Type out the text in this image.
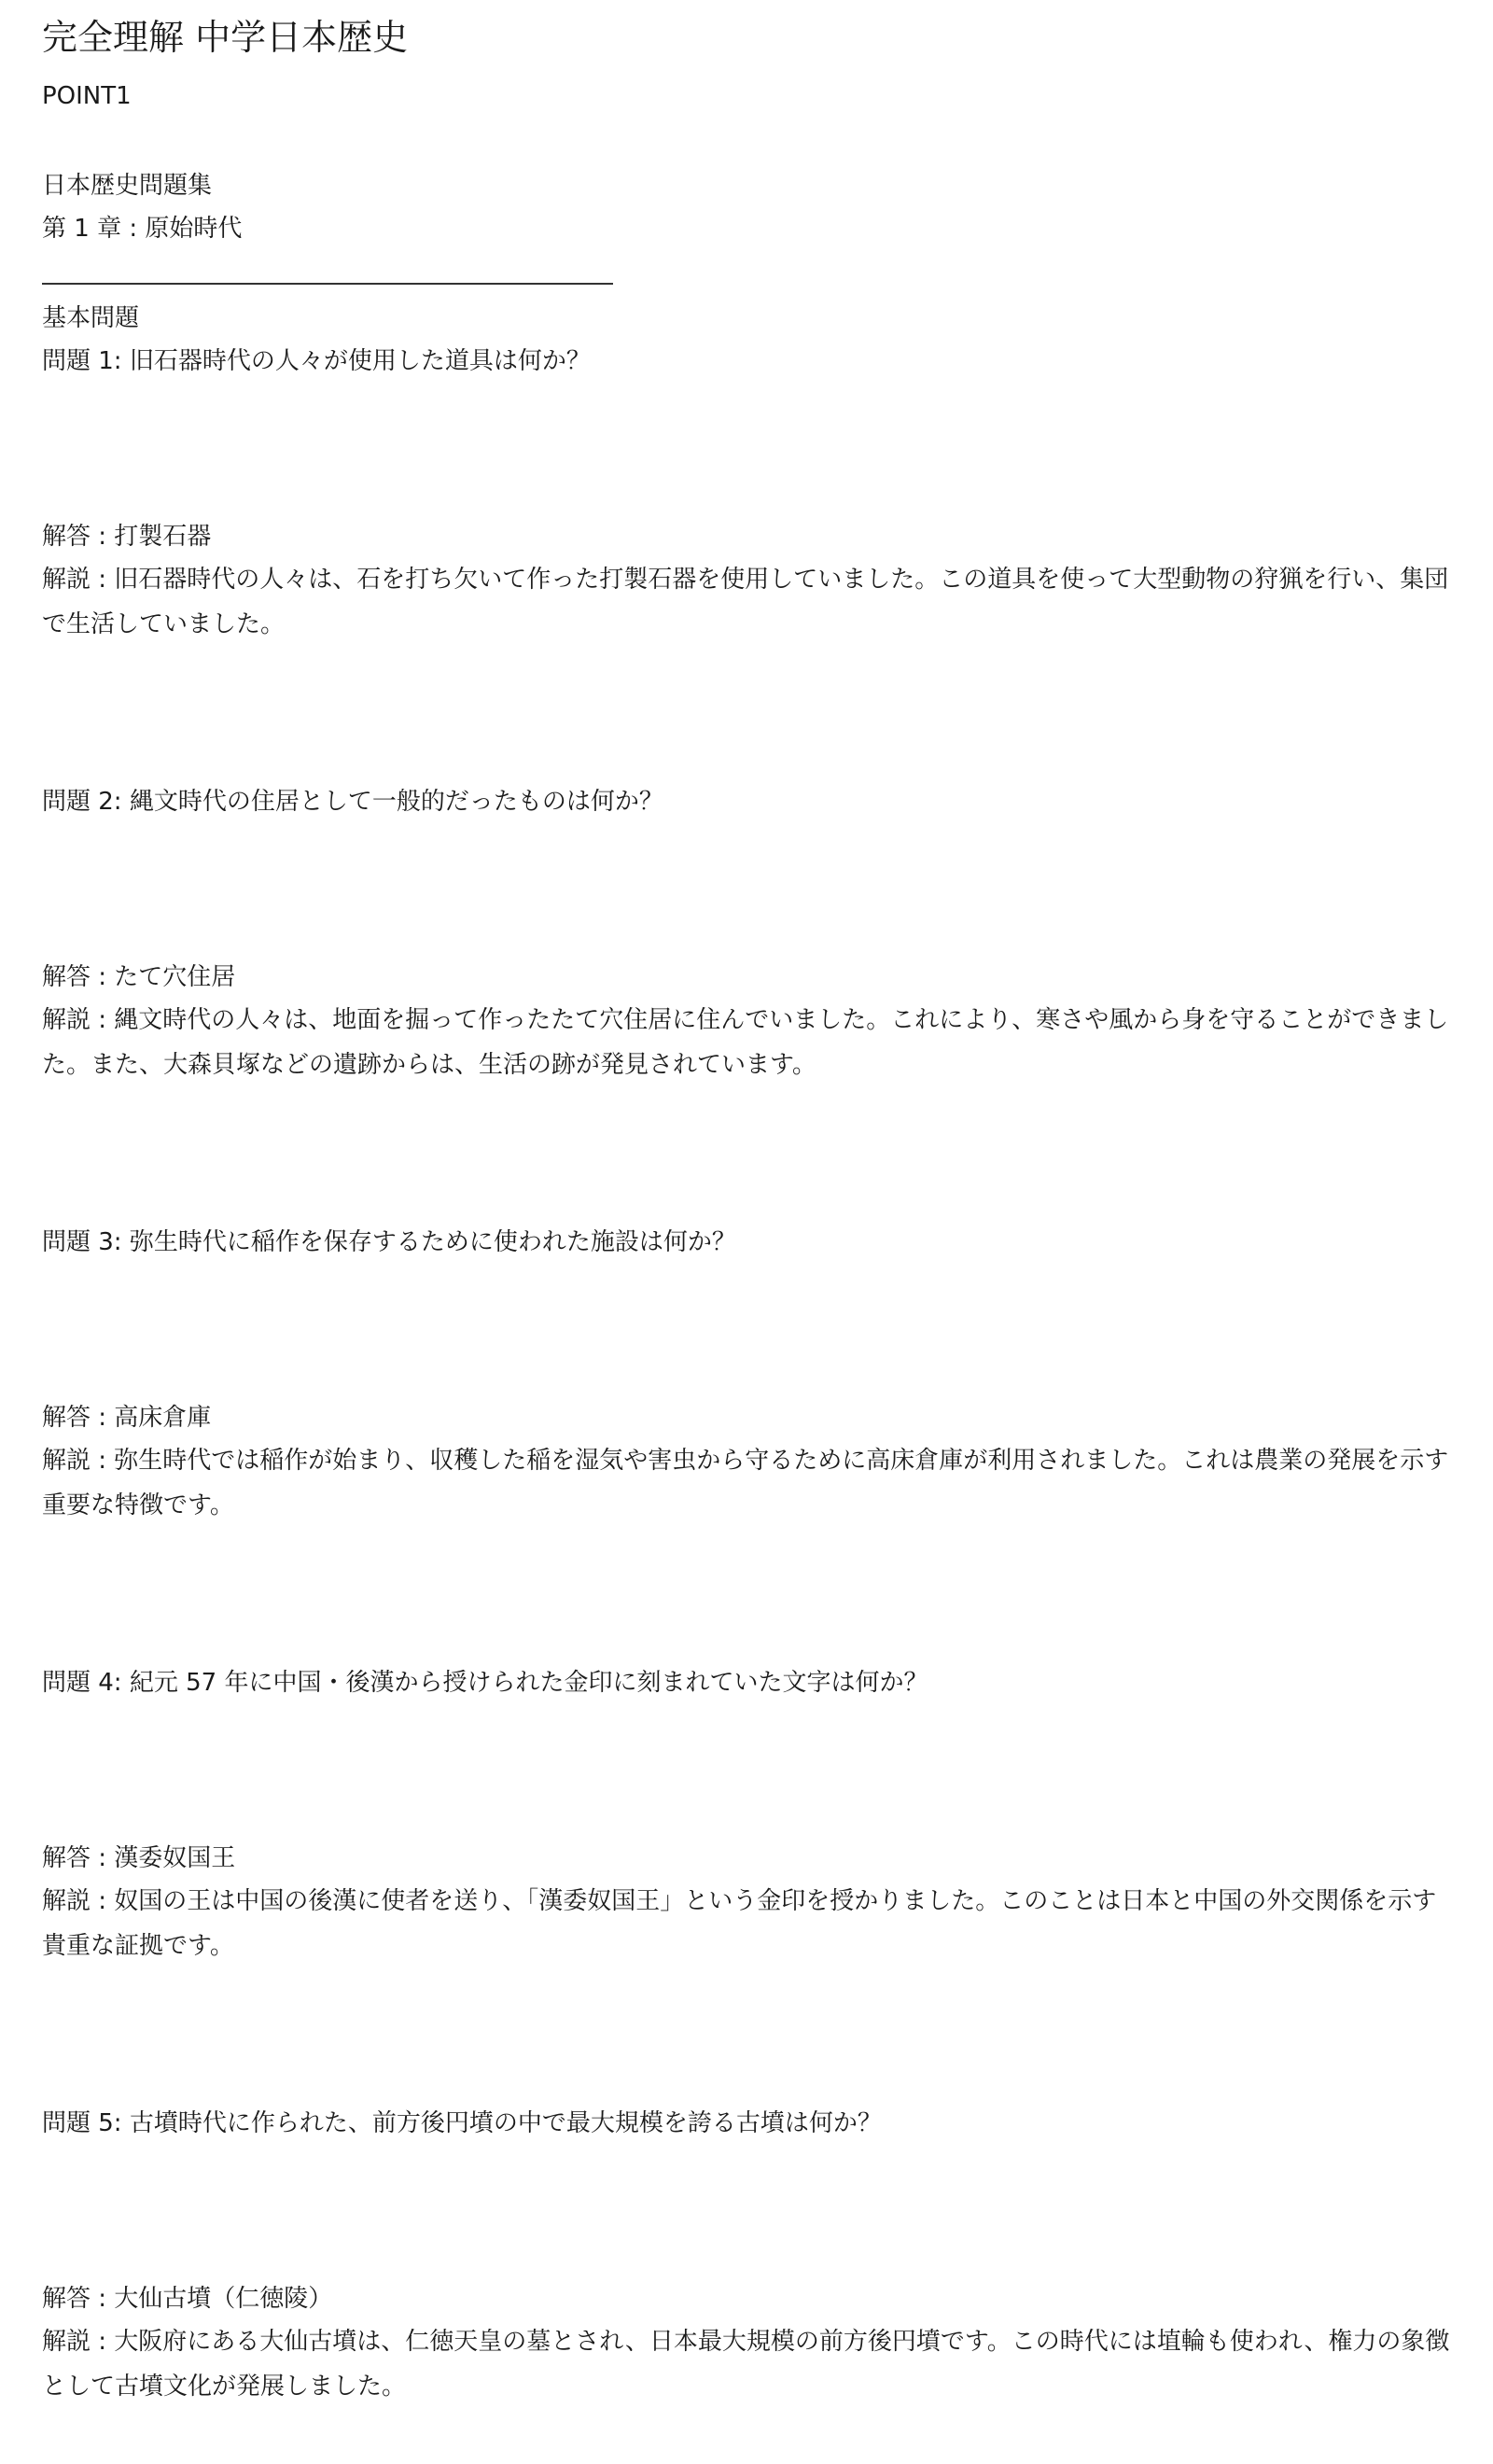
完全理解 中学日本歴史
POINT1
日本歴史問題集
第 1 章 : 原始時代
基本問題
問題 1: 旧石器時代の人々が使用した道具は何か？
解答 : 打製石器
解説 : 旧石器時代の人々は、石を打ち欠いて作った打製石器を使用していました。この道具を使って大型動物の狩猟を行い、集団で生活していました。
問題 2: 縄文時代の住居として一般的だったものは何か？
解答 : たて穴住居
解説 : 縄文時代の人々は、地面を掘って作ったたて穴住居に住んでいました。これにより、寒さや風から身を守ることができました。また、大森貝塚などの遺跡からは、生活の跡が発見されています。
問題 3: 弥生時代に稲作を保存するために使われた施設は何か？
解答 : 高床倉庫
解説 : 弥生時代では稲作が始まり、収穫した稲を湿気や害虫から守るために高床倉庫が利用されました。これは農業の発展を示す重要な特徴です。
問題 4: 紀元 57 年に中国・後漢から授けられた金印に刻まれていた文字は何か？
解答 : 漢委奴国王
解説 : 奴国の王は中国の後漢に使者を送り、「漢委奴国王」という金印を授かりました。このことは日本と中国の外交関係を示す貴重な証拠です。
問題 5: 古墳時代に作られた、前方後円墳の中で最大規模を誇る古墳は何か？
解答 : 大仙古墳（仁徳陵）
解説 : 大阪府にある大仙古墳は、仁徳天皇の墓とされ、日本最大規模の前方後円墳です。この時代には埴輪も使われ、権力の象徴として古墳文化が発展しました。
